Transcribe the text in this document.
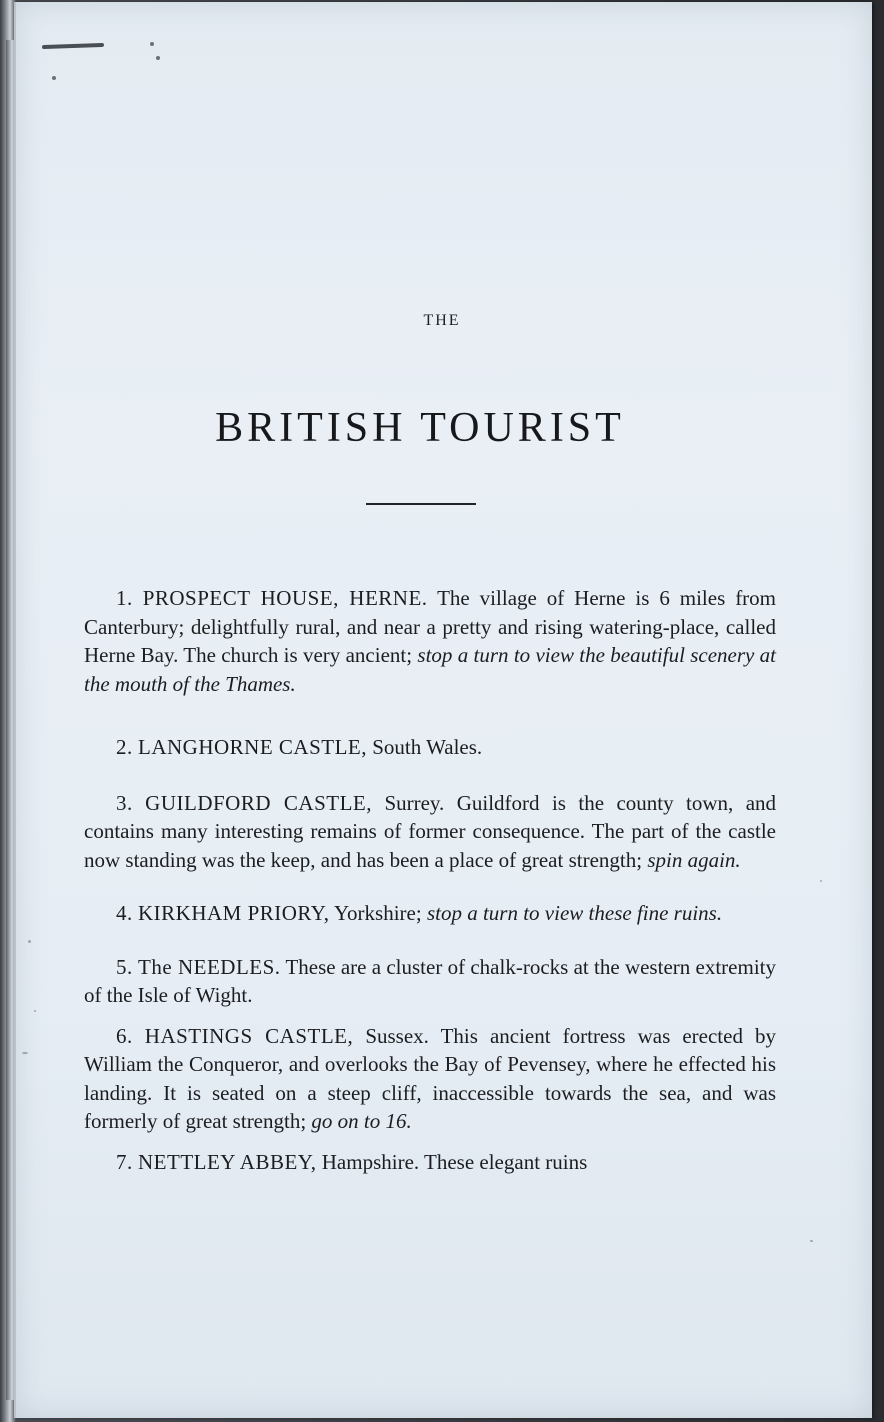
THE
BRITISH TOURIST

1. PROSPECT HOUSE, HERNE. The village of Herne is 6 miles from Canterbury; delightfully rural, and near a pretty and rising watering-place, called Herne Bay. The church is very ancient; stop a turn to view the beautiful scenery at the mouth of the Thames.

2. LANGHORNE CASTLE, South Wales.

3. GUILDFORD CASTLE, Surrey. Guildford is the county town, and contains many interesting remains of former consequence. The part of the castle now standing was the keep, and has been a place of great strength; spin again.

4. KIRKHAM PRIORY, Yorkshire; stop a turn to view these fine ruins.

5. The NEEDLES. These are a cluster of chalk-rocks at the western extremity of the Isle of Wight.

6. HASTINGS CASTLE, Sussex. This ancient fortress was erected by William the Conqueror, and overlooks the Bay of Pevensey, where he effected his landing. It is seated on a steep cliff, inaccessible towards the sea, and was formerly of great strength; go on to 16.

7. NETTLEY ABBEY, Hampshire. These elegant ruins
